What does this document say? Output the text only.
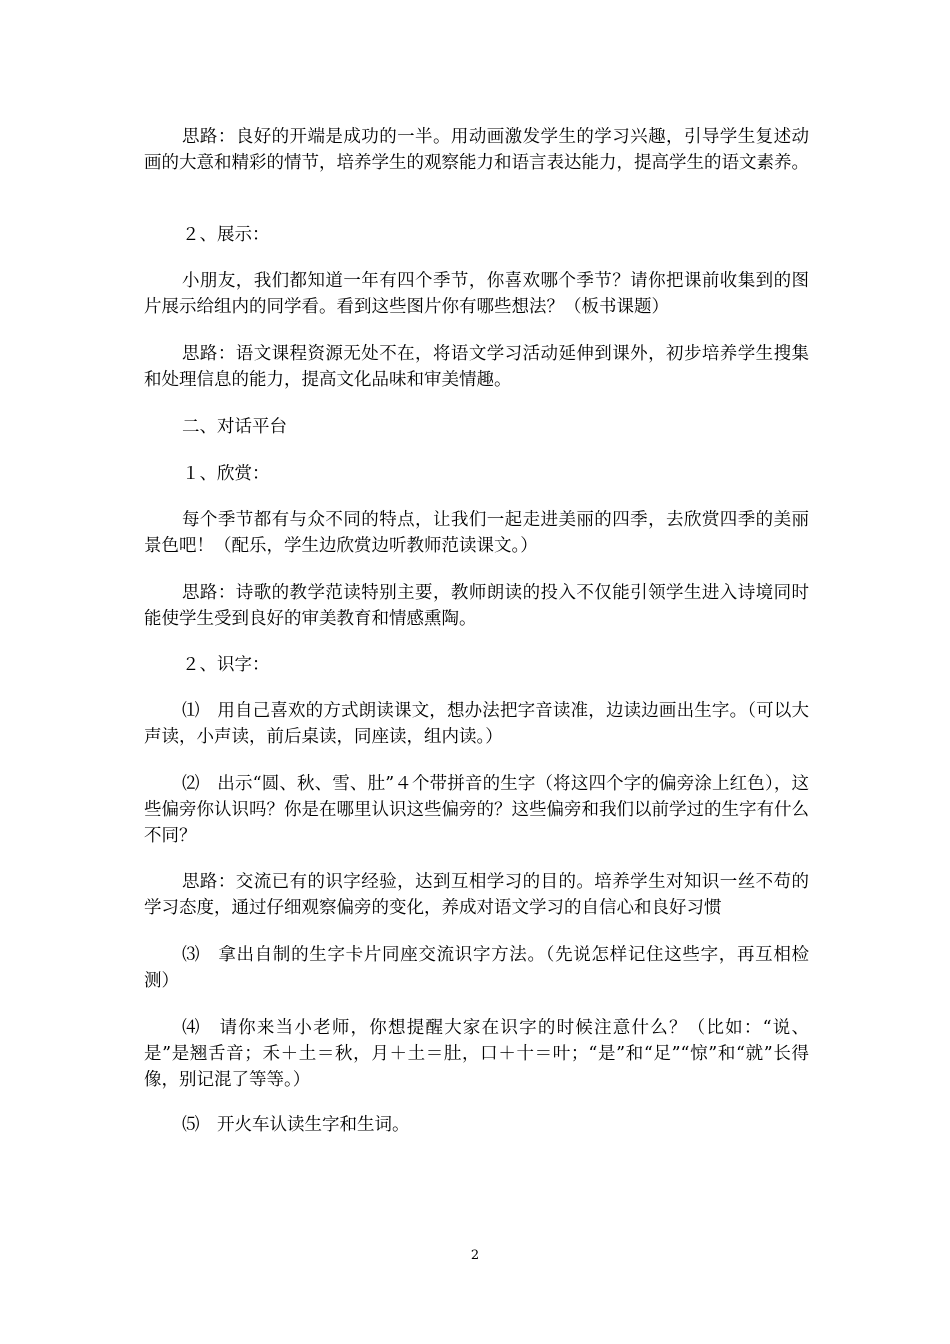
思路：良好的开端是成功的一半。用动画激发学生的学习兴趣，引导学生复述动画的大意和精彩的情节，培养学生的观察能力和语言表达能力，提高学生的语文素养。

２、展示：

小朋友，我们都知道一年有四个季节，你喜欢哪个季节？请你把课前收集到的图片展示给组内的同学看。看到这些图片你有哪些想法？（板书课题）

思路：语文课程资源无处不在，将语文学习活动延伸到课外，初步培养学生搜集和处理信息的能力，提高文化品味和审美情趣。

二、对话平台

１、欣赏：

每个季节都有与众不同的特点，让我们一起走进美丽的四季，去欣赏四季的美丽景色吧！（配乐，学生边欣赏边听教师范读课文。）

思路：诗歌的教学范读特别主要，教师朗读的投入不仅能引领学生进入诗境同时能使学生受到良好的审美教育和情感熏陶。

２、识字：

⑴　用自己喜欢的方式朗读课文，想办法把字音读准，边读边画出生字。（可以大声读，小声读，前后桌读，同座读，组内读。）

⑵　出示“圆、秋、雪、肚”４个带拼音的生字（将这四个字的偏旁涂上红色），这些偏旁你认识吗？你是在哪里认识这些偏旁的？这些偏旁和我们以前学过的生字有什么不同？

思路：交流已有的识字经验，达到互相学习的目的。培养学生对知识一丝不苟的学习态度，通过仔细观察偏旁的变化，养成对语文学习的自信心和良好习惯

⑶　拿出自制的生字卡片同座交流识字方法。（先说怎样记住这些字，再互相检测）

⑷　请你来当小老师，你想提醒大家在识字的时候注意什么？（比如：“说、是”是翘舌音；禾＋土＝秋，月＋土＝肚，口＋十＝叶；“是”和“足”“惊”和“就”长得像，别记混了等等。）

⑸　开火车认读生字和生词。

2
